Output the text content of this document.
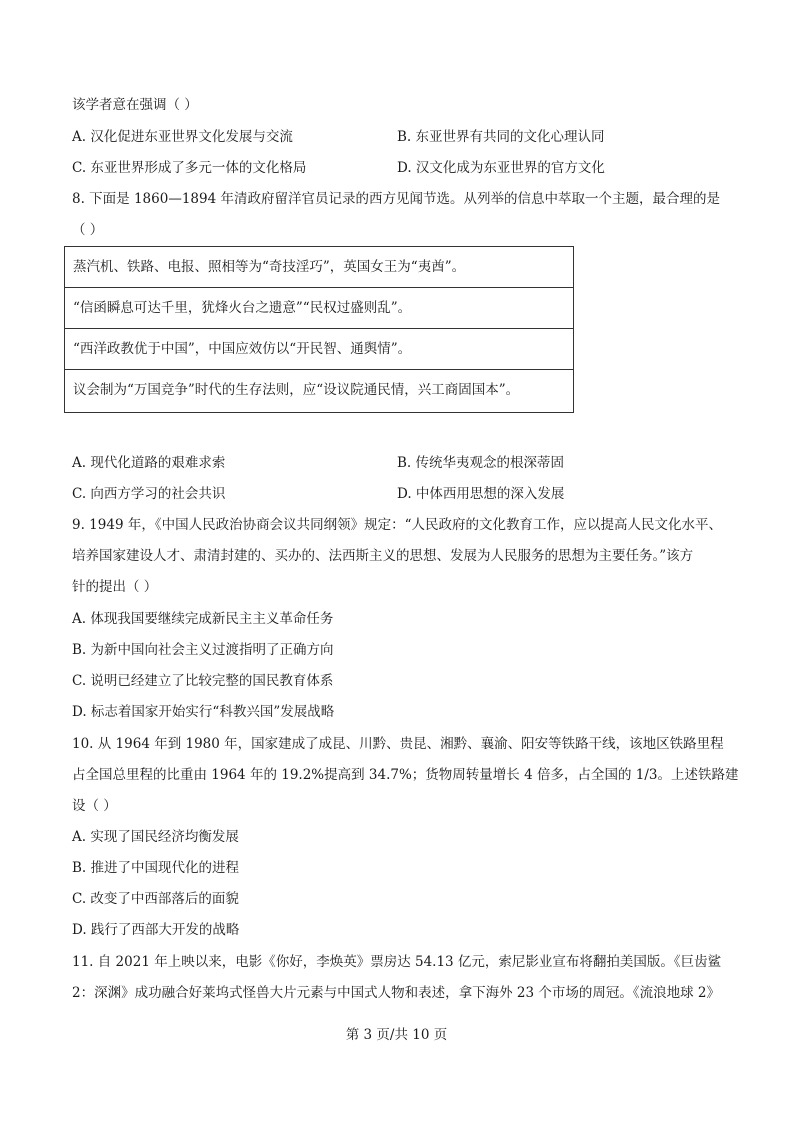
该学者意在强调（ ）
A. 汉化促进东亚世界文化发展与交流	B. 东亚世界有共同的文化心理认同
C. 东亚世界形成了多元一体的文化格局	D. 汉文化成为东亚世界的官方文化
8. 下面是 1860—1894 年清政府留洋官员记录的西方见闻节选。从列举的信息中萃取一个主题，最合理的是
（ ）
蒸汽机、铁路、电报、照相等为“奇技淫巧”，英国女王为“夷酋”。
“信函瞬息可达千里，犹烽火台之遗意”“民权过盛则乱”。
“西洋政教优于中国”，中国应效仿以“开民智、通舆情”。
议会制为“万国竞争”时代的生存法则，应“设议院通民情，兴工商固国本”。
A. 现代化道路的艰难求索	B. 传统华夷观念的根深蒂固
C. 向西方学习的社会共识	D. 中体西用思想的深入发展
9. 1949 年，《中国人民政治协商会议共同纲领》规定：“人民政府的文化教育工作，应以提高人民文化水平、
培养国家建设人才、肃清封建的、买办的、法西斯主义的思想、发展为人民服务的思想为主要任务。”该方
针的提出（ ）
A. 体现我国要继续完成新民主主义革命任务
B. 为新中国向社会主义过渡指明了正确方向
C. 说明已经建立了比较完整的国民教育体系
D. 标志着国家开始实行“科教兴国”发展战略
10. 从 1964 年到 1980 年，国家建成了成昆、川黔、贵昆、湘黔、襄渝、阳安等铁路干线，该地区铁路里程
占全国总里程的比重由 1964 年的 19.2%提高到 34.7%；货物周转量增长 4 倍多，占全国的 1/3。上述铁路建
设（ ）
A. 实现了国民经济均衡发展
B. 推进了中国现代化的进程
C. 改变了中西部落后的面貌
D. 践行了西部大开发的战略
11. 自 2021 年上映以来，电影《你好，李焕英》票房达 54.13 亿元，索尼影业宣布将翻拍美国版。《巨齿鲨
2：深渊》成功融合好莱坞式怪兽大片元素与中国式人物和表述，拿下海外 23 个市场的周冠。《流浪地球 2》
第 3 页/共 10 页
